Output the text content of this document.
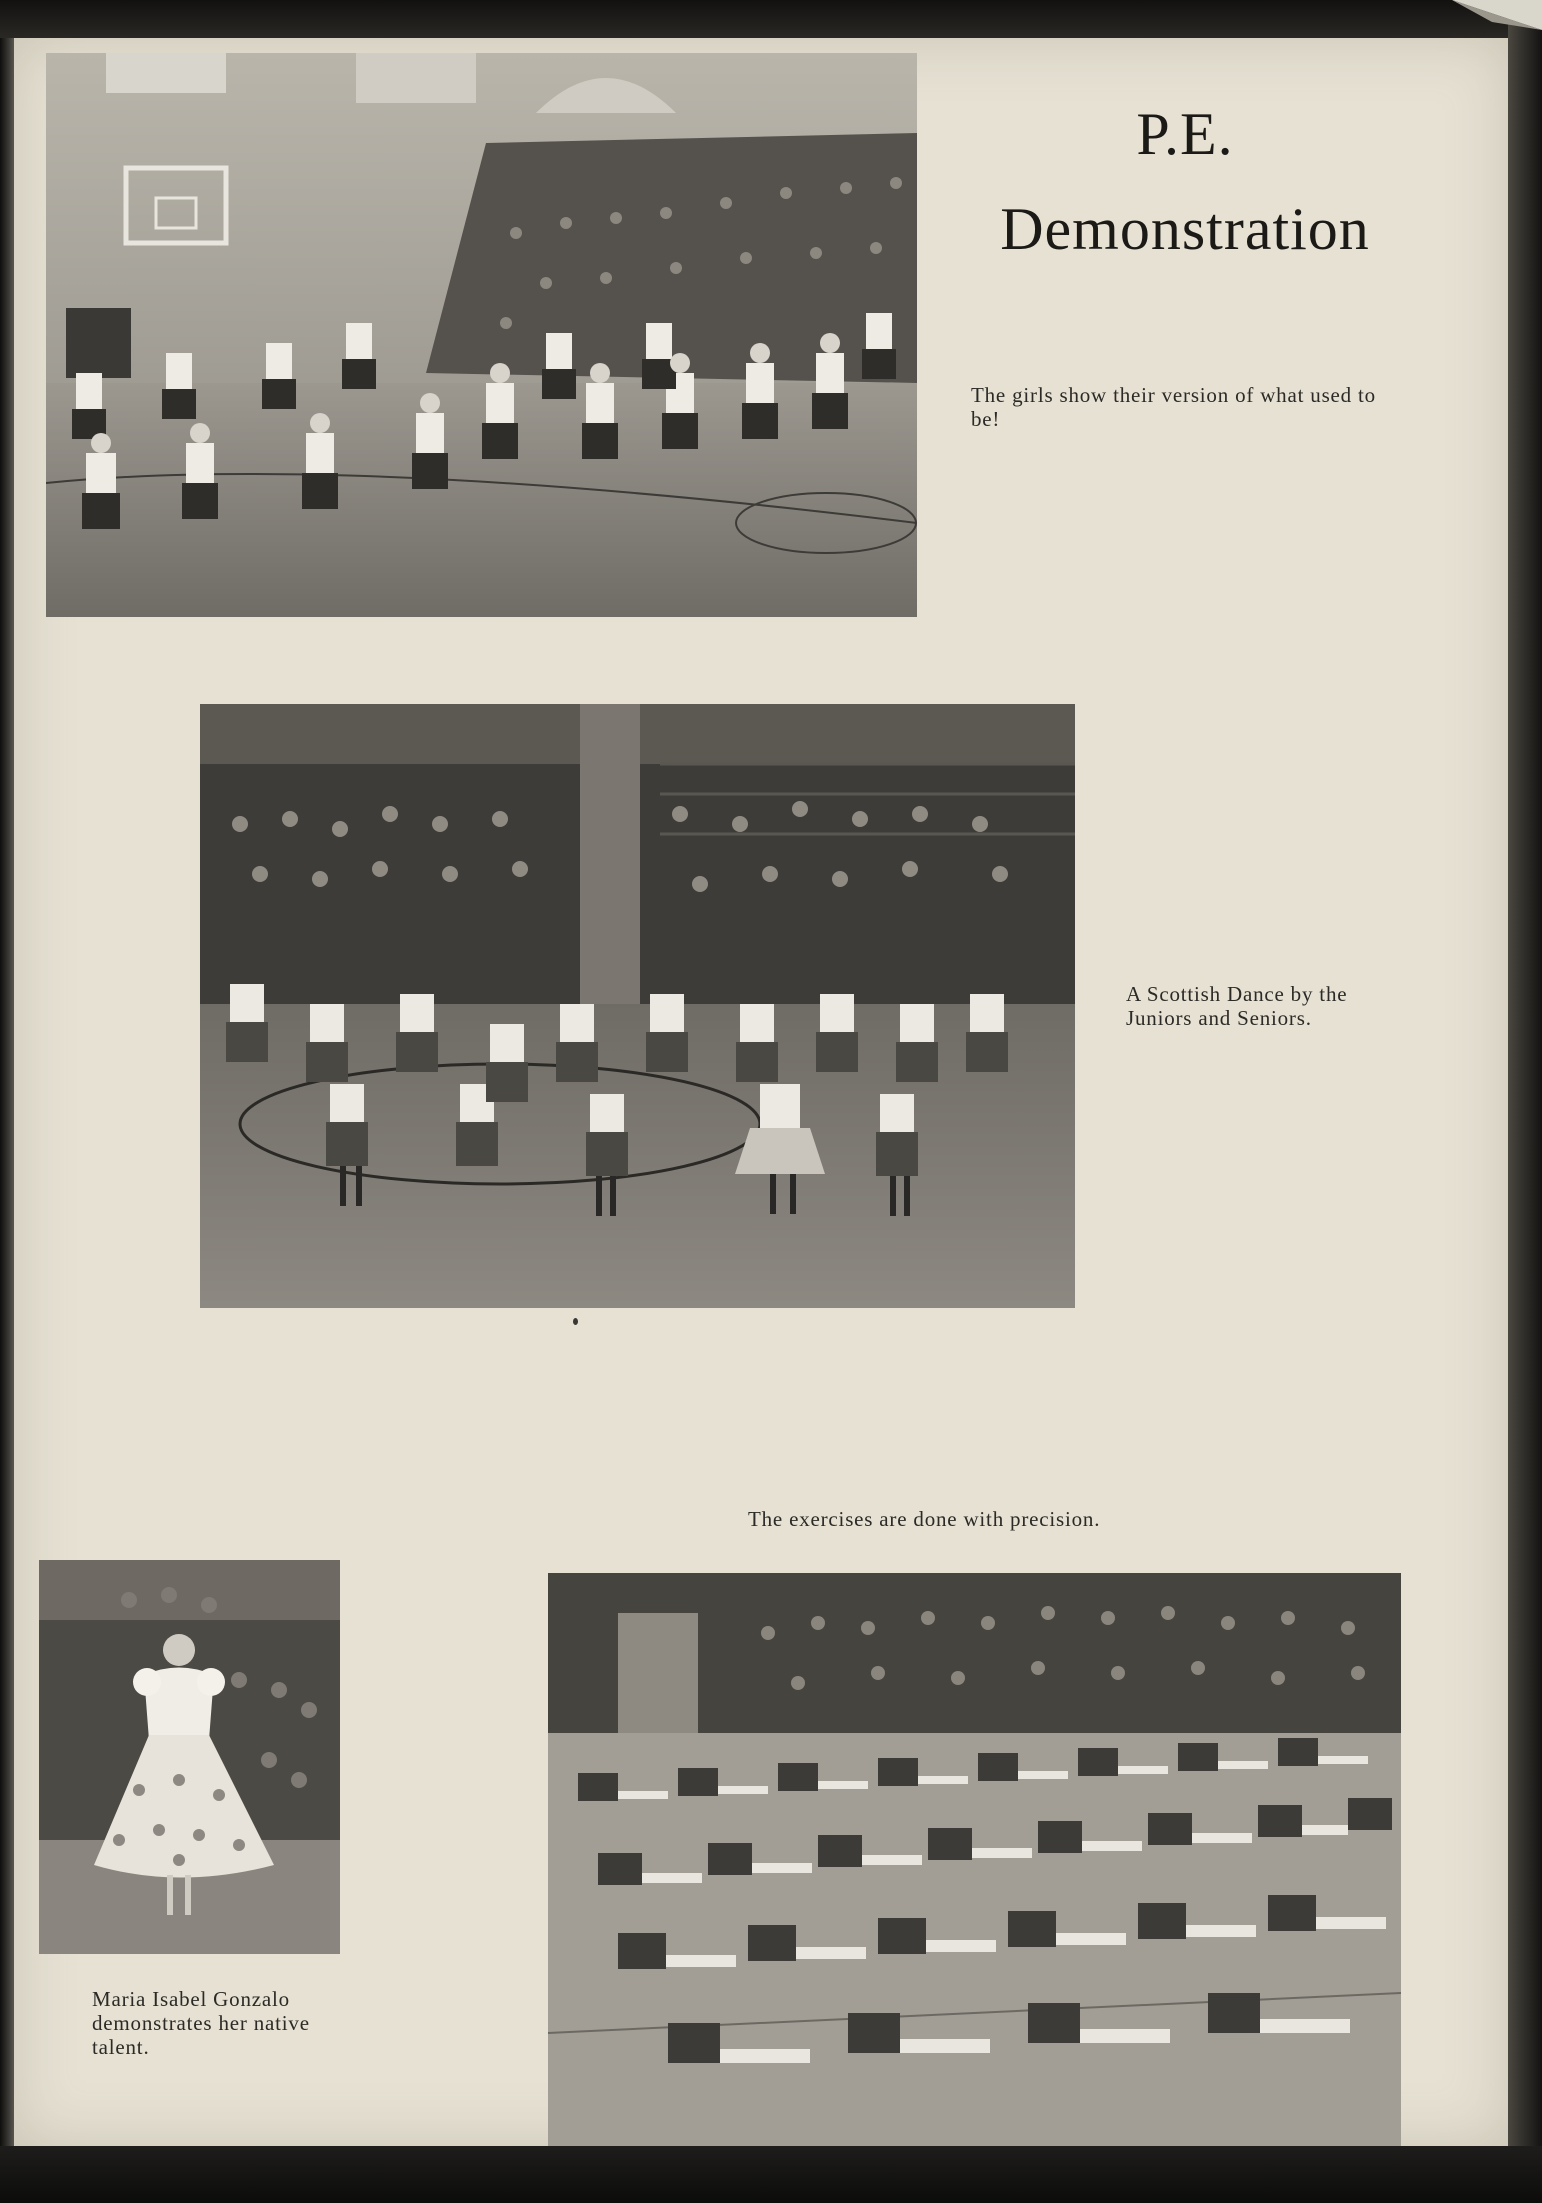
P.E.
Demonstration

The girls show their version of what used to be!

A Scottish Dance by the Juniors and Seniors.

The exercises are done with precision.

Maria Isabel Gonzalo demonstrates her native talent.
